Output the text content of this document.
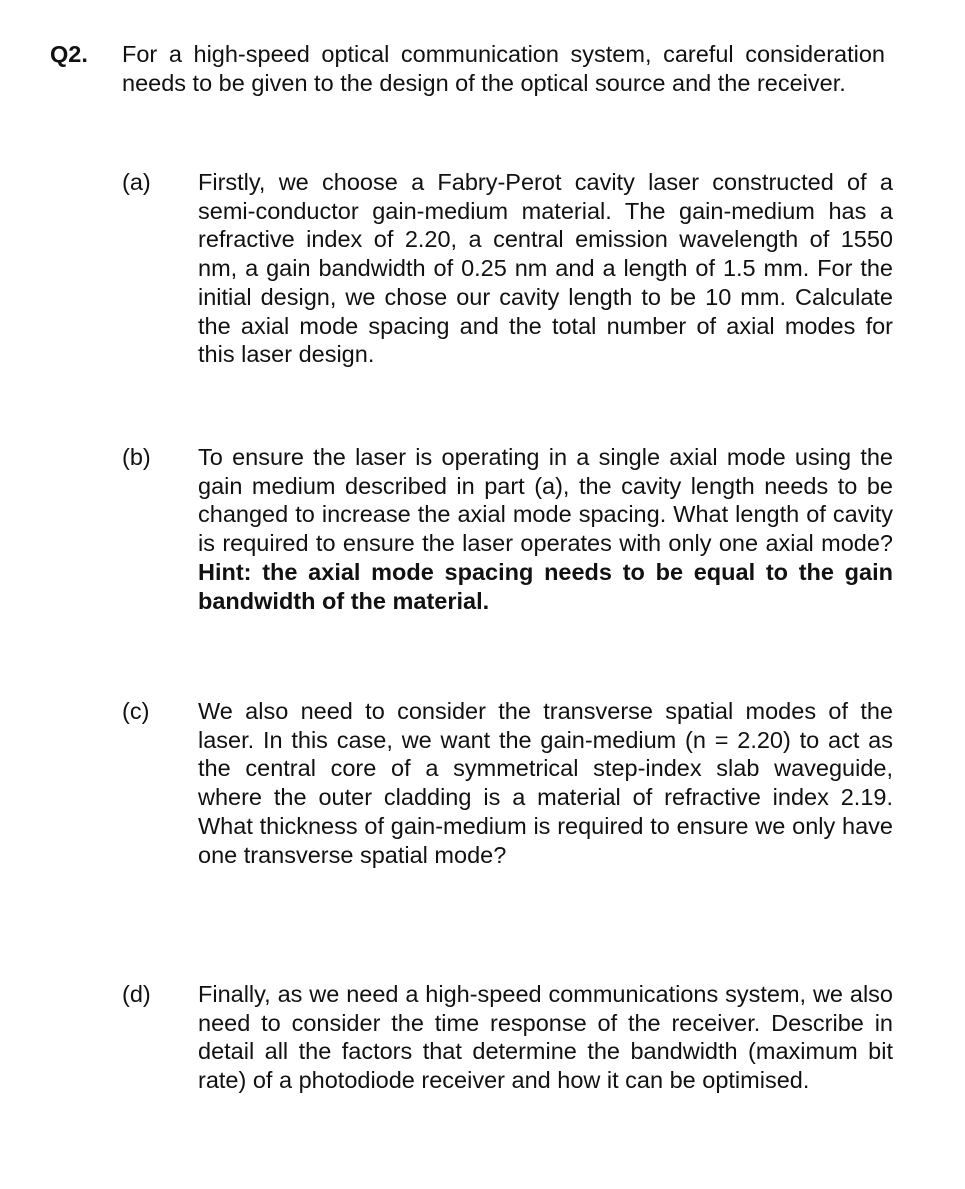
Q2. For a high-speed optical communication system, careful consideration needs to be given to the design of the optical source and the receiver.
(a) Firstly, we choose a Fabry-Perot cavity laser constructed of a semi-conductor gain-medium material. The gain-medium has a refractive index of 2.20, a central emission wavelength of 1550 nm, a gain bandwidth of 0.25 nm and a length of 1.5 mm. For the initial design, we chose our cavity length to be 10 mm. Calculate the axial mode spacing and the total number of axial modes for this laser design.
(b) To ensure the laser is operating in a single axial mode using the gain medium described in part (a), the cavity length needs to be changed to increase the axial mode spacing. What length of cavity is required to ensure the laser operates with only one axial mode? Hint: the axial mode spacing needs to be equal to the gain bandwidth of the material.
(c) We also need to consider the transverse spatial modes of the laser. In this case, we want the gain-medium (n = 2.20) to act as the central core of a symmetrical step-index slab waveguide, where the outer cladding is a material of refractive index 2.19. What thickness of gain-medium is required to ensure we only have one transverse spatial mode?
(d) Finally, as we need a high-speed communications system, we also need to consider the time response of the receiver. Describe in detail all the factors that determine the bandwidth (maximum bit rate) of a photodiode receiver and how it can be optimised.
